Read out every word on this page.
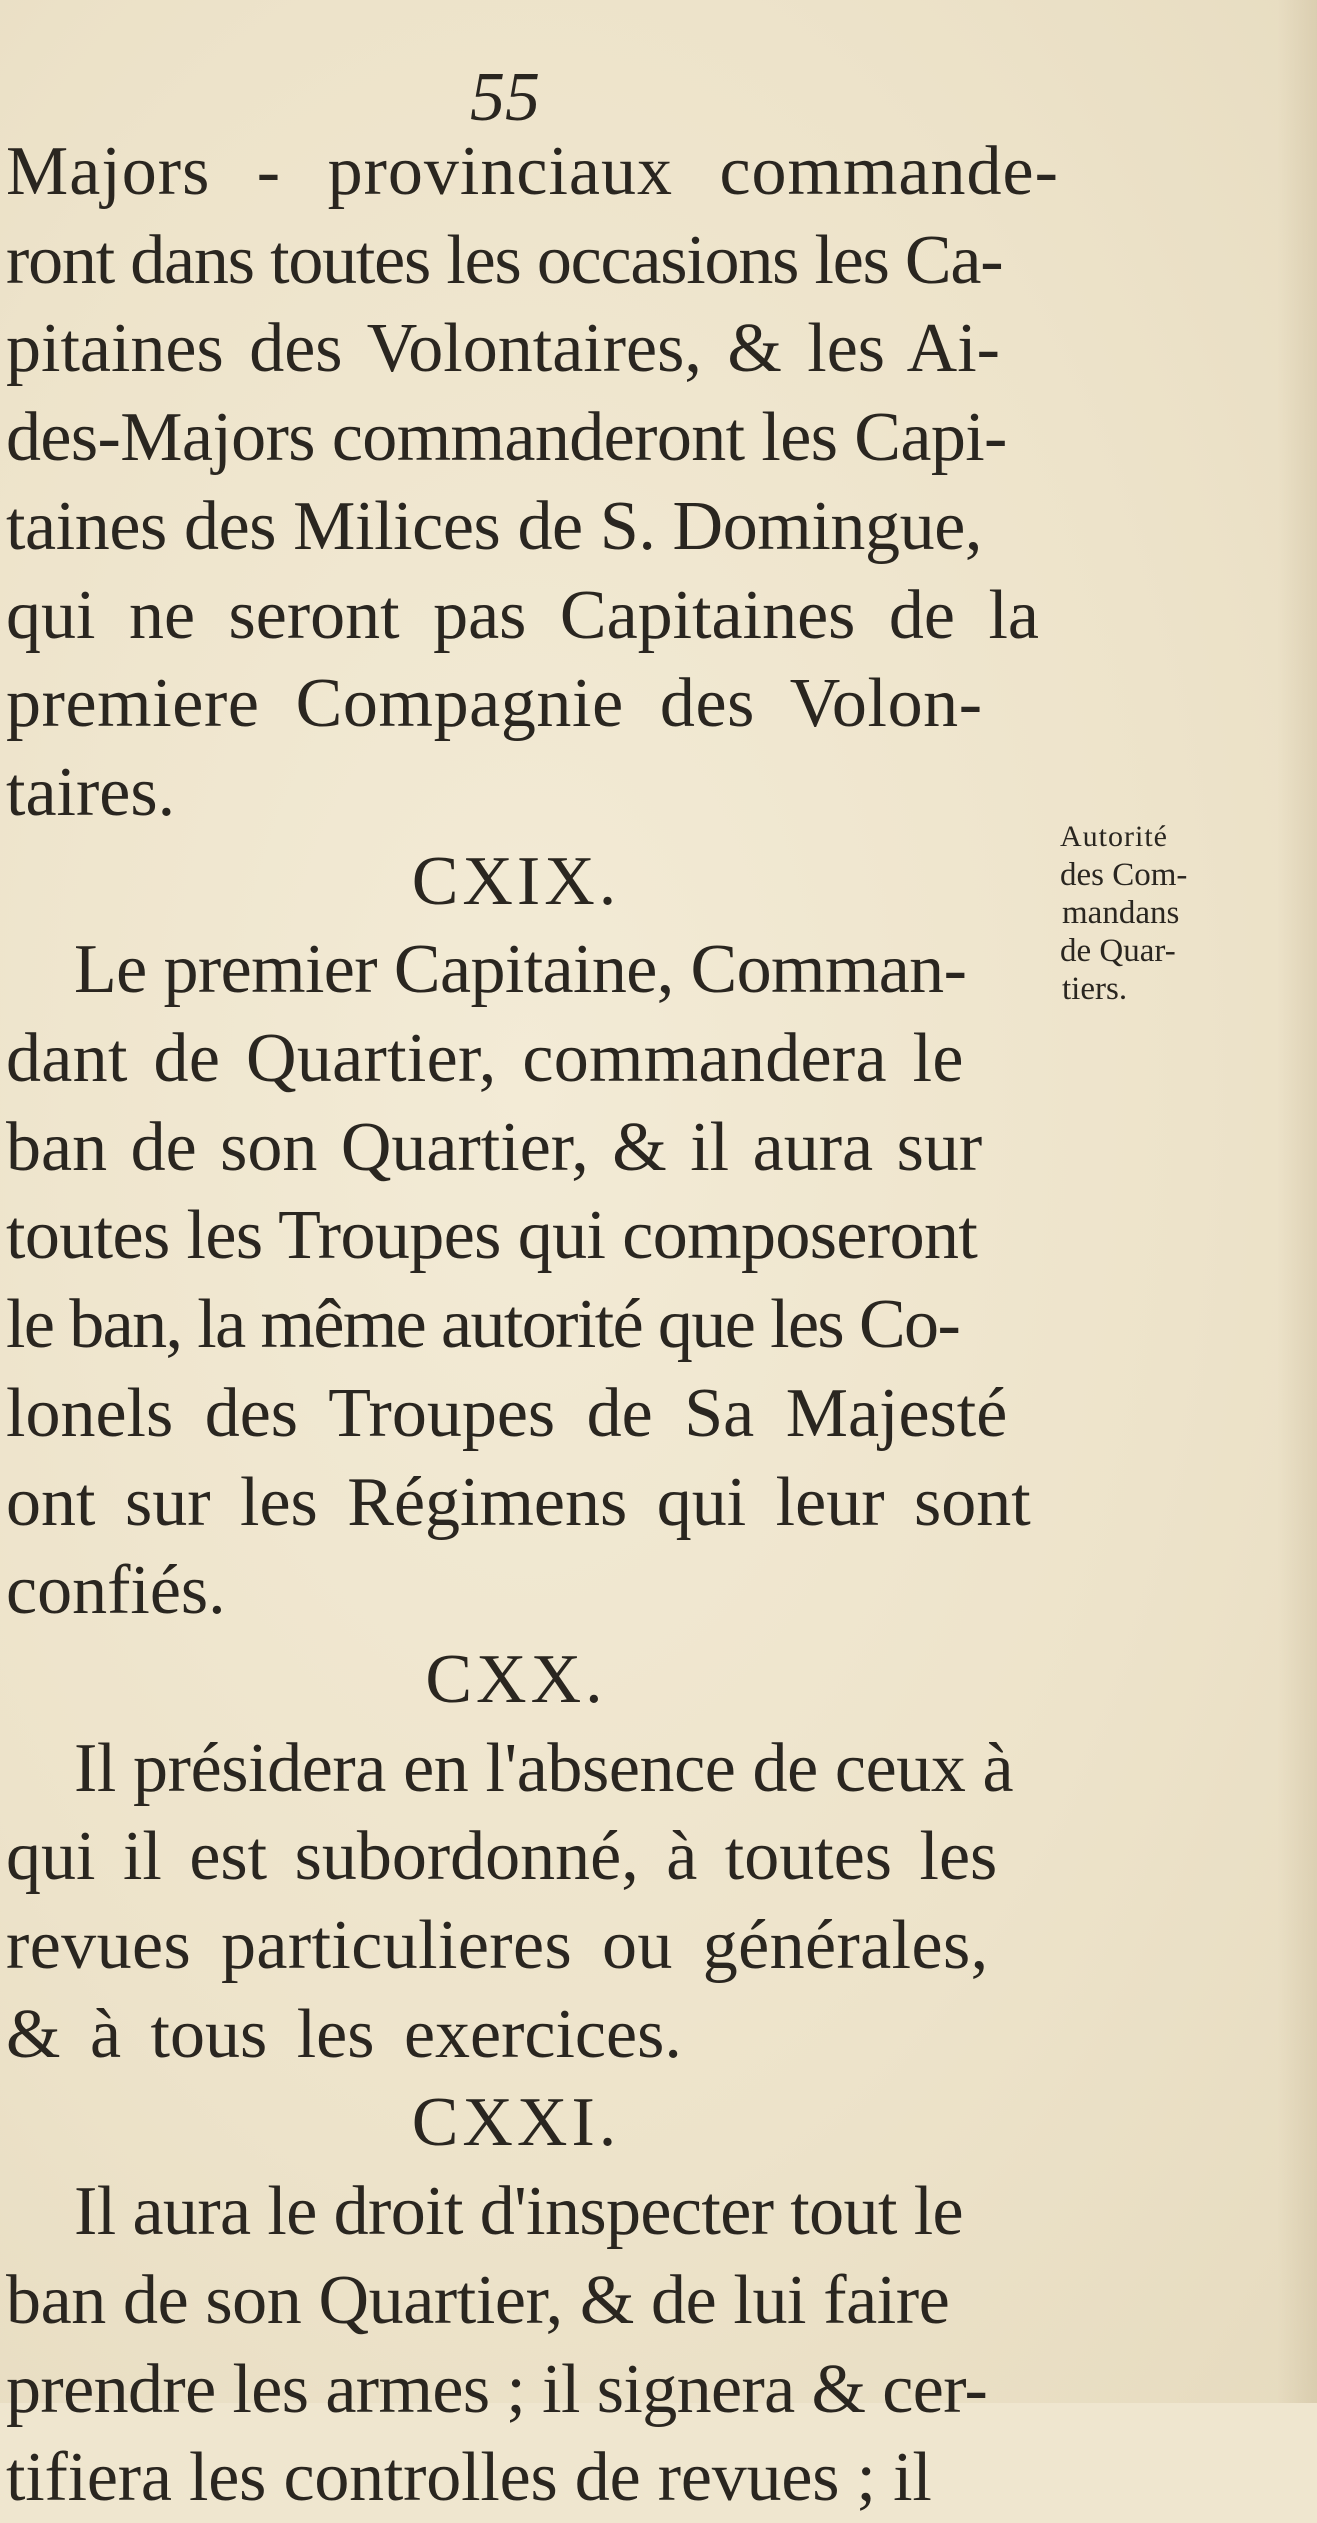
55
Majors - provinciaux commande-
ront dans toutes les occasions les Ca-
pitaines des Volontaires, & les Ai-
des-Majors commanderont les Capi-
taines des Milices de S. Domingue,
qui ne seront pas Capitaines de la
premiere Compagnie des Volon-
taires.
CXIX.
Le premier Capitaine, Comman-
dant de Quartier, commandera le
ban de son Quartier, & il aura sur
toutes les Troupes qui composeront
le ban, la même autorité que les Co-
lonels des Troupes de Sa Majesté
ont sur les Régimens qui leur sont
confiés.
CXX.
Il présidera en l'absence de ceux à
qui il est subordonné, à toutes les
revues particulieres ou générales,
& à tous les exercices.
CXXI.
Il aura le droit d'inspecter tout le
ban de son Quartier, & de lui faire
prendre les armes ; il signera & cer-
tifiera les controlles de revues ; il
Autorité
des Com-
mandans
de Quar-
tiers.
